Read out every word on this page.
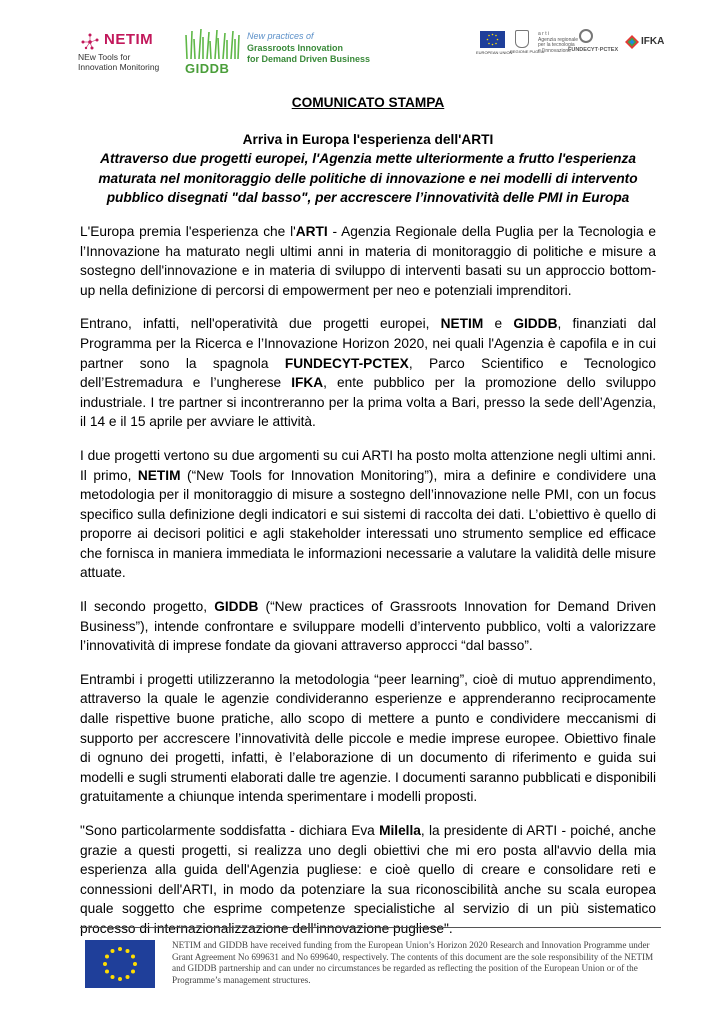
NETIM
NEw Tools for
Innovation Monitoring GIDDB
New practices of
Grassroots Innovation
for Demand Driven Business
EUROPEAN UNION
REGIONE PUGLIA
a r t i
Agenzia regionale
per la tecnologia
e l'innovazione
FUNDECYT·PCTEX
IFKA
COMUNICATO STAMPA
Arriva in Europa l'esperienza dell'ARTI
Attraverso due progetti europei, l'Agenzia mette ulteriormente a frutto l'esperienza maturata nel monitoraggio delle politiche di innovazione e nei modelli di intervento pubblico disegnati "dal basso", per accrescere l’innovatività delle PMI in Europa
L'Europa premia l'esperienza che l'ARTI - Agenzia Regionale della Puglia per la Tecnologia e l’Innovazione ha maturato negli ultimi anni in materia di monitoraggio di politiche e misure a sostegno dell'innovazione e in materia di sviluppo di interventi basati su un approccio bottom-up nella definizione di percorsi di empowerment per neo e potenziali imprenditori.
Entrano, infatti, nell'operatività due progetti europei, NETIM e GIDDB, finanziati dal Programma per la Ricerca e l’Innovazione Horizon 2020, nei quali l'Agenzia è capofila e in cui partner sono la spagnola FUNDECYT-PCTEX, Parco Scientifico e Tecnologico dell’Estremadura e l’ungherese IFKA, ente pubblico per la promozione dello sviluppo industriale. I tre partner si incontreranno per la prima volta a Bari, presso la sede dell’Agenzia, il 14 e il 15 aprile per avviare le attività.
I due progetti vertono su due argomenti su cui ARTI ha posto molta attenzione negli ultimi anni. Il primo, NETIM (“New Tools for Innovation Monitoring”), mira a definire e condividere una metodologia per il monitoraggio di misure a sostegno dell’innovazione nelle PMI, con un focus specifico sulla definizione degli indicatori e sui sistemi di raccolta dei dati. L’obiettivo è quello di proporre ai decisori politici e agli stakeholder interessati uno strumento semplice ed efficace che fornisca in maniera immediata le informazioni necessarie a valutare la validità delle misure attuate.
Il secondo progetto, GIDDB (“New practices of Grassroots Innovation for Demand Driven Business”), intende confrontare e sviluppare modelli d’intervento pubblico, volti a valorizzare l’innovatività di imprese fondate da giovani attraverso approcci “dal basso”.
Entrambi i progetti utilizzeranno la metodologia “peer learning”, cioè di mutuo apprendimento, attraverso la quale le agenzie condivideranno esperienze e apprenderanno reciprocamente dalle rispettive buone pratiche, allo scopo di mettere a punto e condividere meccanismi di supporto per accrescere l’innovatività delle piccole e medie imprese europee. Obiettivo finale di ognuno dei progetti, infatti, è l’elaborazione di un documento di riferimento e guida sui modelli e sugli strumenti elaborati dalle tre agenzie. I documenti saranno pubblicati e disponibili gratuitamente a chiunque intenda sperimentare i modelli proposti.
"Sono particolarmente soddisfatta - dichiara Eva Milella, la presidente di ARTI - poiché, anche grazie a questi progetti, si realizza uno degli obiettivi che mi ero posta all'avvio della mia esperienza alla guida dell'Agenzia pugliese: e cioè quello di creare e consolidare reti e connessioni dell'ARTI, in modo da potenziare la sua riconoscibilità anche su scala europea quale soggetto che esprime competenze specialistiche al servizio di un più sistematico processo di internazionalizzazione dell'innovazione pugliese".
NETIM and GIDDB have received funding from the European Union’s Horizon 2020 Research and Innovation Programme under Grant Agreement No 699631 and No 699640, respectively. The contents of this document are the sole responsibility of the NETIM and GIDDB partnership and can under no circumstances be regarded as reflecting the position of the European Union or of the Programme’s management structures.
